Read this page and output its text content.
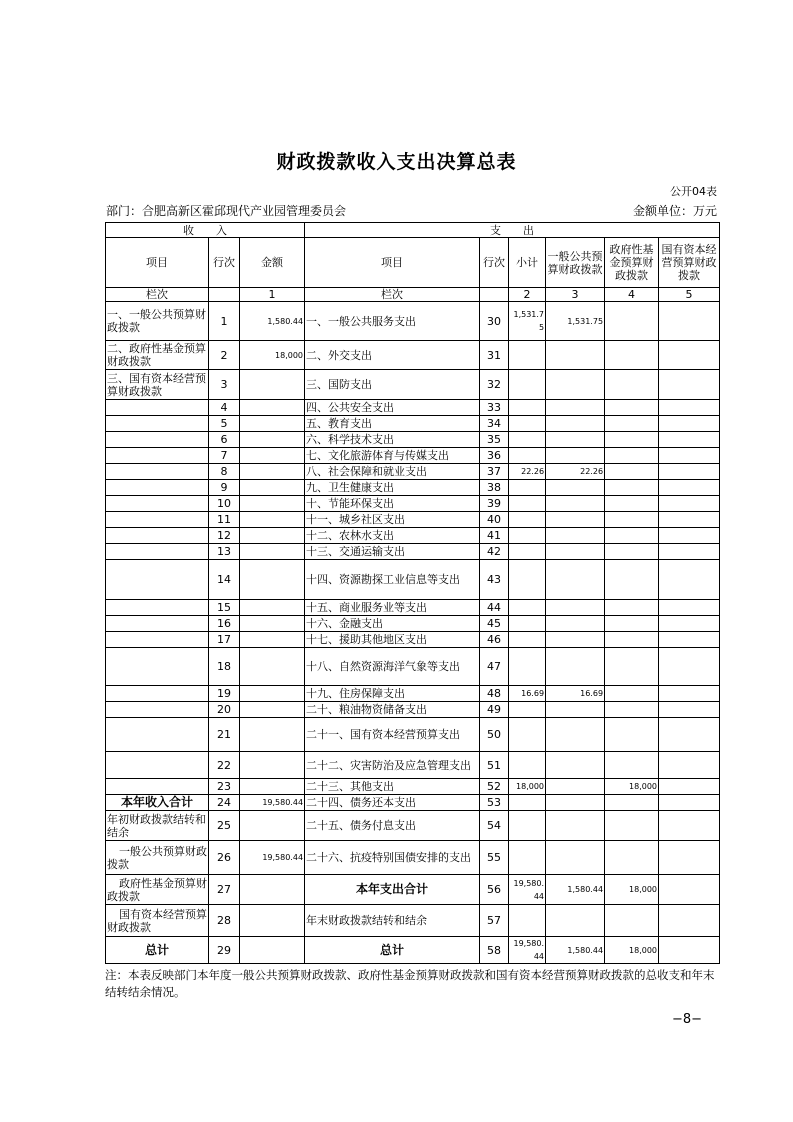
财政拨款收入支出决算总表
公开04表
部门：合肥高新区霍邱现代产业园管理委员会	金额单位：万元
收　　入			支　　出					
项目	行次	金额	项目	行次	小计	一般公共预算财政拨款	政府性基金预算财政拨款	国有资本经营预算财政拨款
栏次		1	栏次		2	3	4	5
一、一般公共预算财政拨款	1	1,580.44	一、一般公共服务支出	30	1,531.75	1,531.75		
二、政府性基金预算财政拨款	2	18,000	二、外交支出	31				
三、国有资本经营预算财政拨款	3		三、国防支出	32				
	4		四、公共安全支出	33				
	5		五、教育支出	34				
	6		六、科学技术支出	35				
	7		七、文化旅游体育与传媒支出	36				
	8		八、社会保障和就业支出	37	22.26	22.26		
	9		九、卫生健康支出	38				
	10		十、节能环保支出	39				
	11		十一、城乡社区支出	40				
	12		十二、农林水支出	41				
	13		十三、交通运输支出	42				
	14		十四、资源勘探工业信息等支出	43				
	15		十五、商业服务业等支出	44				
	16		十六、金融支出	45				
	17		十七、援助其他地区支出	46				
	18		十八、自然资源海洋气象等支出	47				
	19		十九、住房保障支出	48	16.69	16.69		
	20		二十、粮油物资储备支出	49				
	21		二十一、国有资本经营预算支出	50				
	22		二十二、灾害防治及应急管理支出	51				
	23		二十三、其他支出	52	18,000		18,000	
本年收入合计	24	19,580.44	二十四、债务还本支出	53				
年初财政拨款结转和结余	25		二十五、债务付息支出	54				
一般公共预算财政拨款	26	19,580.44	二十六、抗疫特别国债安排的支出	55				
政府性基金预算财政拨款	27		本年支出合计	56	19,580.44	1,580.44	18,000	
国有资本经营预算财政拨款	28		年末财政拨款结转和结余	57				
总计	29		总计	58	19,580.44	1,580.44	18,000	
注：本表反映部门本年度一般公共预算财政拨款、政府性基金预算财政拨款和国有资本经营预算财政拨款的总收支和年末结转结余情况。
−8−
